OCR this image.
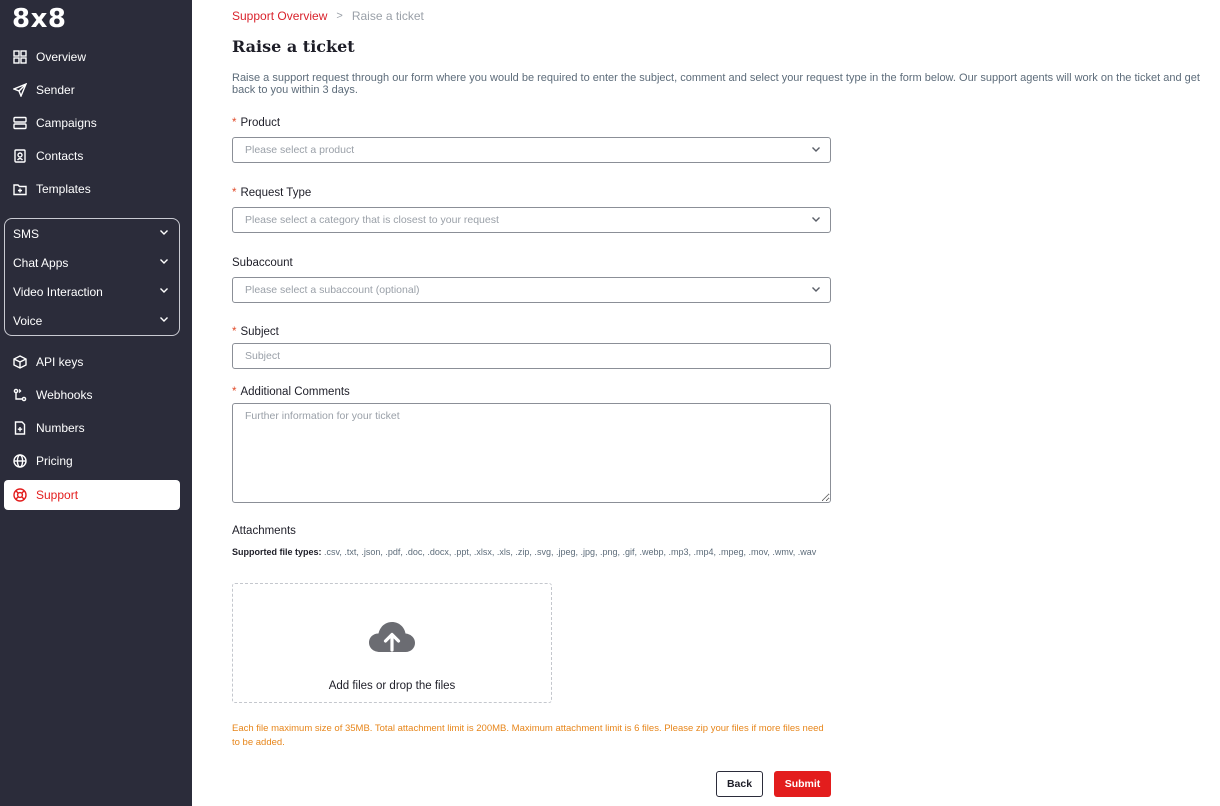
8x8
Overview
Sender
Campaigns
Contacts
Templates
SMS
Chat Apps
Video Interaction
Voice
API keys
Webhooks
Numbers
Pricing
Support
Support Overview > Raise a ticket
Raise a ticket
Raise a support request through our form where you would be required to enter the subject, comment and select your request type in the form below. Our support agents will work on the ticket and get back to you within 3 days.
* Product
Please select a product
* Request Type
Please select a category that is closest to your request
Subaccount
Please select a subaccount (optional)
* Subject
Subject
* Additional Comments
Further information for your ticket
Attachments
Supported file types: .csv, .txt, .json, .pdf, .doc, .docx, .ppt, .xlsx, .xls, .zip, .svg, .jpeg, .jpg, .png, .gif, .webp, .mp3, .mp4, .mpeg, .mov, .wmv, .wav
Add files or drop the files
Each file maximum size of 35MB. Total attachment limit is 200MB. Maximum attachment limit is 6 files. Please zip your files if more files need to be added.
Back	Submit
